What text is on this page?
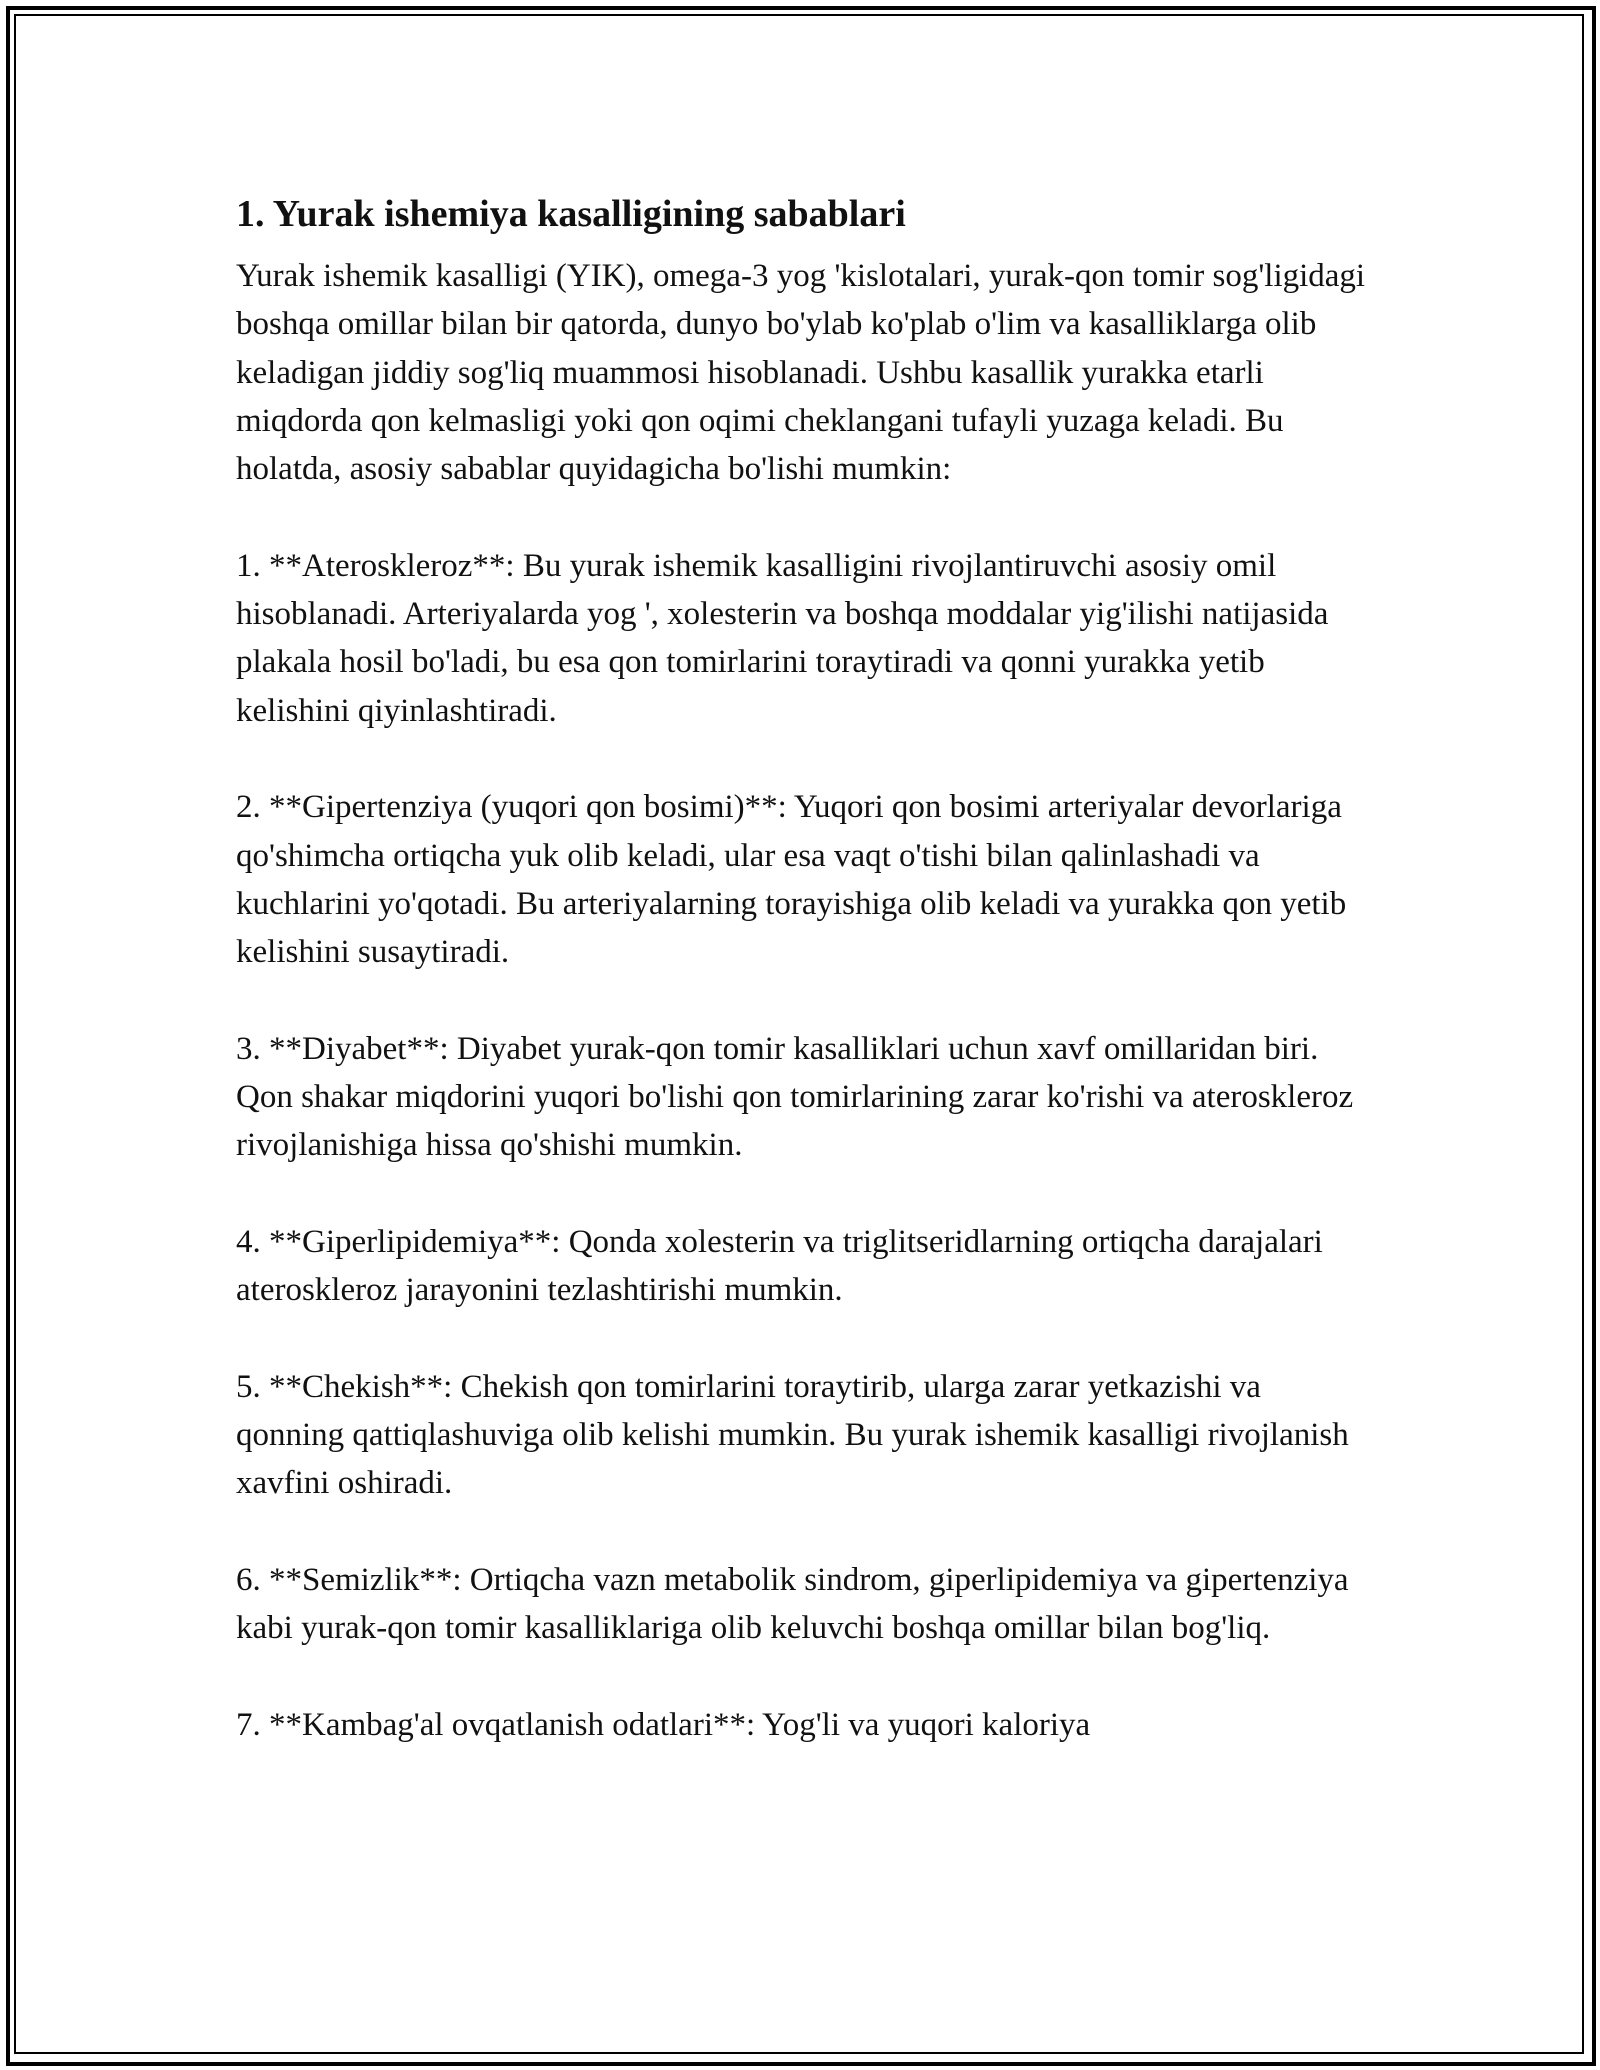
1. Yurak ishemiya kasalligining sabablari

Yurak ishemik kasalligi (YIK), omega-3 yog 'kislotalari, yurak-qon tomir sog'ligidagi boshqa omillar bilan bir qatorda, dunyo bo'ylab ko'plab o'lim va kasalliklarga olib keladigan jiddiy sog'liq muammosi hisoblanadi. Ushbu kasallik yurakka etarli miqdorda qon kelmasligi yoki qon oqimi cheklangani tufayli yuzaga keladi. Bu holatda, asosiy sabablar quyidagicha bo'lishi mumkin:

1. **Ateroskleroz**: Bu yurak ishemik kasalligini rivojlantiruvchi asosiy omil hisoblanadi. Arteriyalarda yog ', xolesterin va boshqa moddalar yig'ilishi natijasida plakala hosil bo'ladi, bu esa qon tomirlarini toraytiradi va qonni yurakka yetib kelishini qiyinlashtiradi.

2. **Gipertenziya (yuqori qon bosimi)**: Yuqori qon bosimi arteriyalar devorlariga qo'shimcha ortiqcha yuk olib keladi, ular esa vaqt o'tishi bilan qalinlashadi va kuchlarini yo'qotadi. Bu arteriyalarning torayishiga olib keladi va yurakka qon yetib kelishini susaytiradi.

3. **Diyabet**: Diyabet yurak-qon tomir kasalliklari uchun xavf omillaridan biri. Qon shakar miqdorini yuqori bo'lishi qon tomirlarining zarar ko'rishi va ateroskleroz rivojlanishiga hissa qo'shishi mumkin.

4. **Giperlipidemiya**: Qonda xolesterin va triglitseridlarning ortiqcha darajalari ateroskleroz jarayonini tezlashtirishi mumkin.

5. **Chekish**: Chekish qon tomirlarini toraytirib, ularga zarar yetkazishi va qonning qattiqlashuviga olib kelishi mumkin. Bu yurak ishemik kasalligi rivojlanish xavfini oshiradi.

6. **Semizlik**: Ortiqcha vazn metabolik sindrom, giperlipidemiya va gipertenziya kabi yurak-qon tomir kasalliklariga olib keluvchi boshqa omillar bilan bog'liq.

7. **Kambag'al ovqatlanish odatlari**: Yog'li va yuqori kaloriya
